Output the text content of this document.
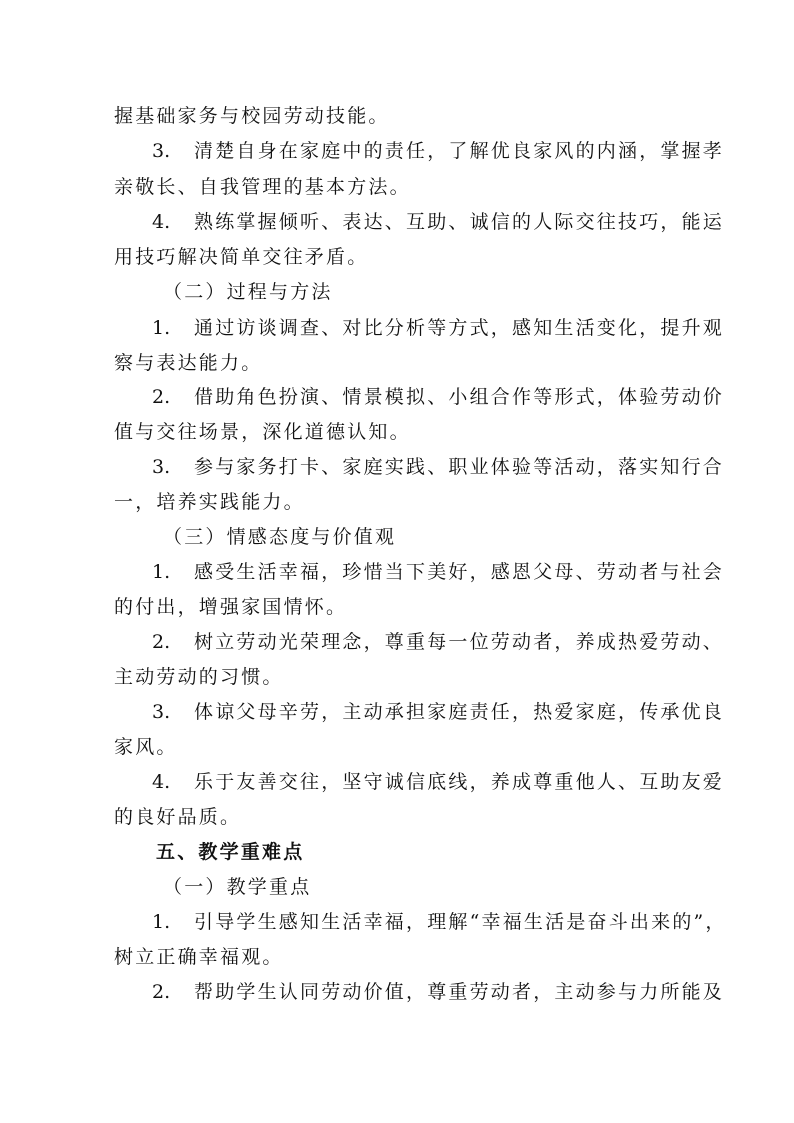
握基础家务与校园劳动技能。
3. 清楚自身在家庭中的责任，了解优良家风的内涵，掌握孝
亲敬长、自我管理的基本方法。
4. 熟练掌握倾听、表达、互助、诚信的人际交往技巧，能运
用技巧解决简单交往矛盾。
（二）过程与方法
1. 通过访谈调查、对比分析等方式，感知生活变化，提升观
察与表达能力。
2. 借助角色扮演、情景模拟、小组合作等形式，体验劳动价
值与交往场景，深化道德认知。
3. 参与家务打卡、家庭实践、职业体验等活动，落实知行合
一，培养实践能力。
（三）情感态度与价值观
1. 感受生活幸福，珍惜当下美好，感恩父母、劳动者与社会
的付出，增强家国情怀。
2. 树立劳动光荣理念，尊重每一位劳动者，养成热爱劳动、
主动劳动的习惯。
3. 体谅父母辛劳，主动承担家庭责任，热爱家庭，传承优良
家风。
4. 乐于友善交往，坚守诚信底线，养成尊重他人、互助友爱
的良好品质。
五、教学重难点
（一）教学重点
1. 引导学生感知生活幸福，理解“幸福生活是奋斗出来的”，
树立正确幸福观。
2. 帮助学生认同劳动价值，尊重劳动者，主动参与力所能及
